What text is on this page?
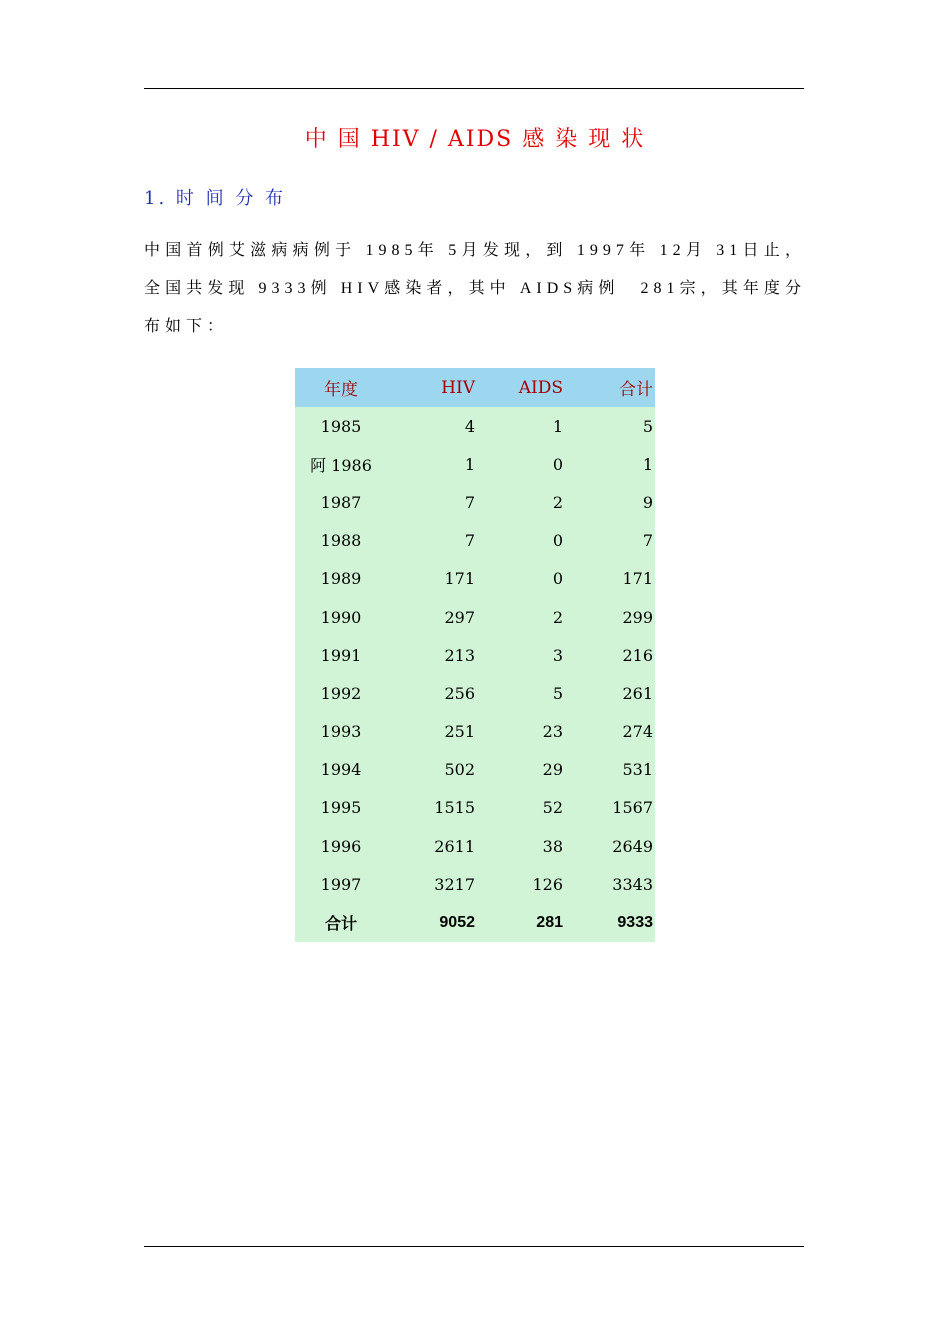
中 国 HIV / AIDS 感 染 现 状
1. 时 间 分 布
中国首例艾滋病病例于 1985年 5月发现，到 1997年 12月 31日止，全国共发现 9333例 HIV感染者，其中 AIDS病例　281宗，其年度分布如下：
年度	HIV	AIDS	合计
1985	4	1	5
阿 1986	1	0	1
1987	7	2	9
1988	7	0	7
1989	171	0	171
1990	297	2	299
1991	213	3	216
1992	256	5	261
1993	251	23	274
1994	502	29	531
1995	1515	52	1567
1996	2611	38	2649
1997	3217	126	3343
合计	9052	281	9333
